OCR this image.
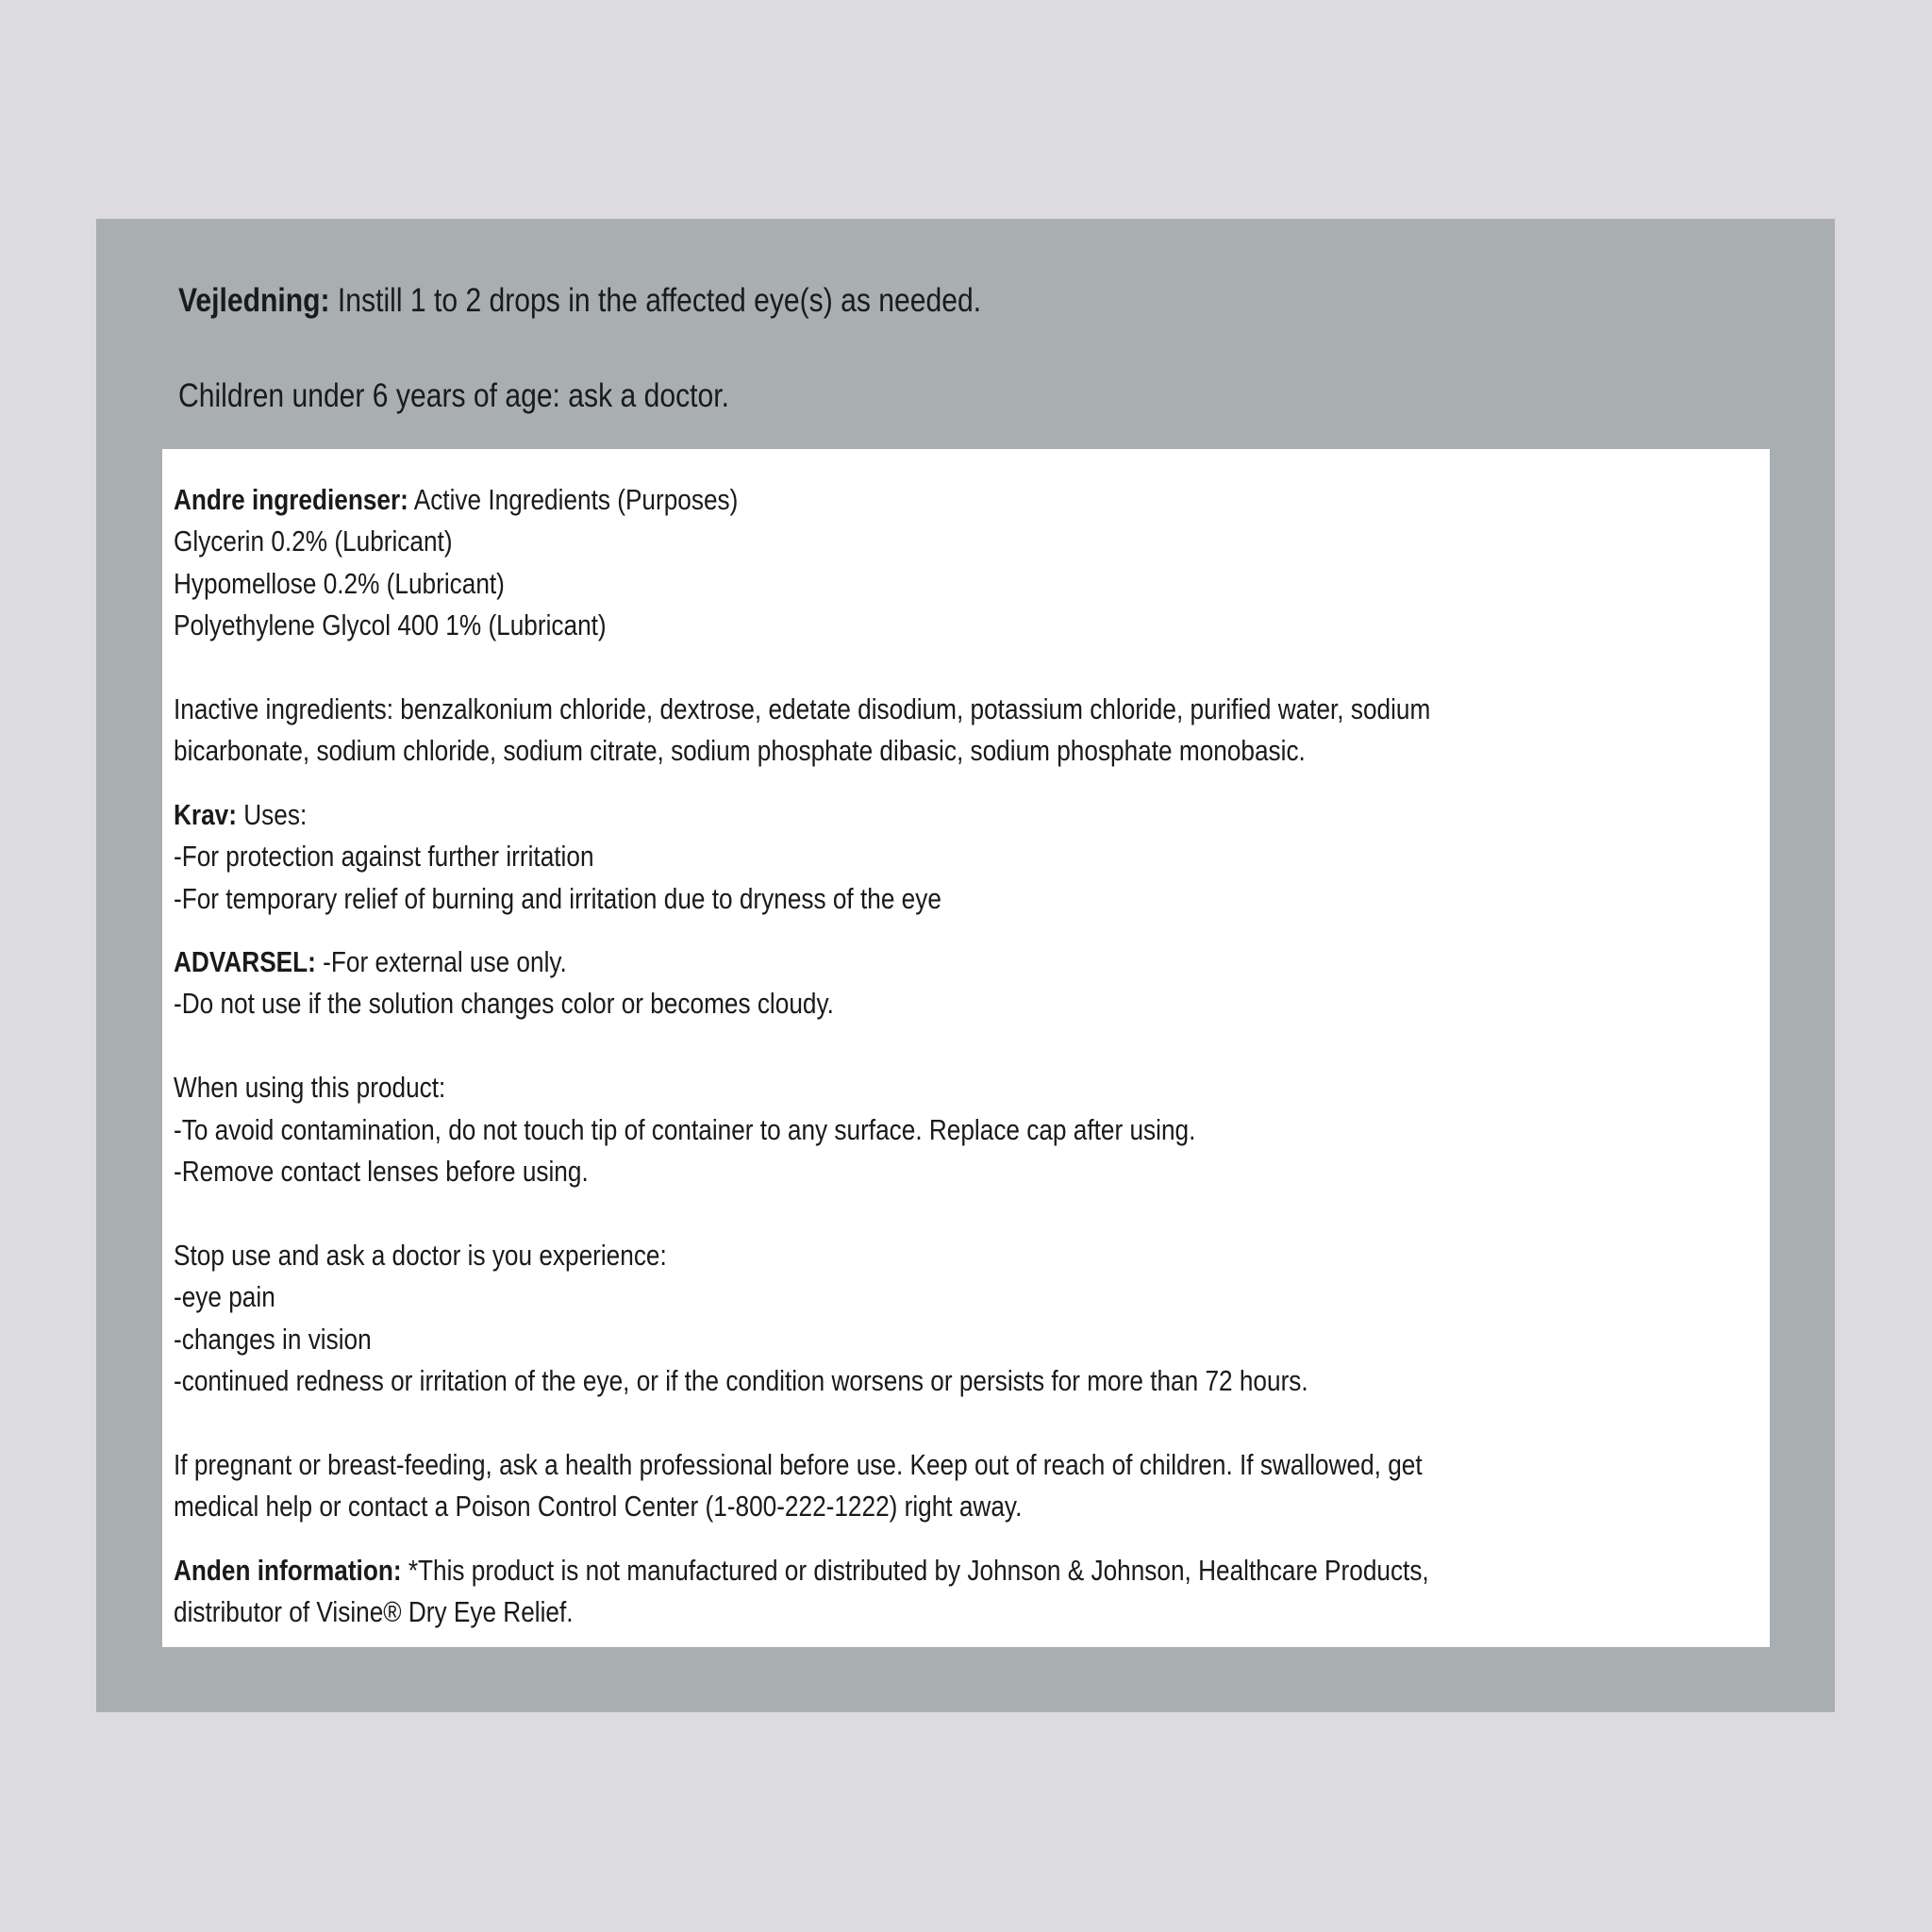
Vejledning: Instill 1 to 2 drops in the affected eye(s) as needed.

Children under 6 years of age: ask a doctor.

Andre ingredienser: Active Ingredients (Purposes)
Glycerin 0.2% (Lubricant)
Hypomellose 0.2% (Lubricant)
Polyethylene Glycol 400 1% (Lubricant)
Inactive ingredients: benzalkonium chloride, dextrose, edetate disodium, potassium chloride, purified water, sodium
bicarbonate, sodium chloride, sodium citrate, sodium phosphate dibasic, sodium phosphate monobasic.
Krav: Uses:
-For protection against further irritation
-For temporary relief of burning and irritation due to dryness of the eye
ADVARSEL: -For external use only.
-Do not use if the solution changes color or becomes cloudy.
When using this product:
-To avoid contamination, do not touch tip of container to any surface. Replace cap after using.
-Remove contact lenses before using.
Stop use and ask a doctor is you experience:
-eye pain
-changes in vision
-continued redness or irritation of the eye, or if the condition worsens or persists for more than 72 hours.
If pregnant or breast-feeding, ask a health professional before use. Keep out of reach of children. If swallowed, get
medical help or contact a Poison Control Center (1-800-222-1222) right away.
Anden information: *This product is not manufactured or distributed by Johnson & Johnson, Healthcare Products,
distributor of Visine® Dry Eye Relief.
